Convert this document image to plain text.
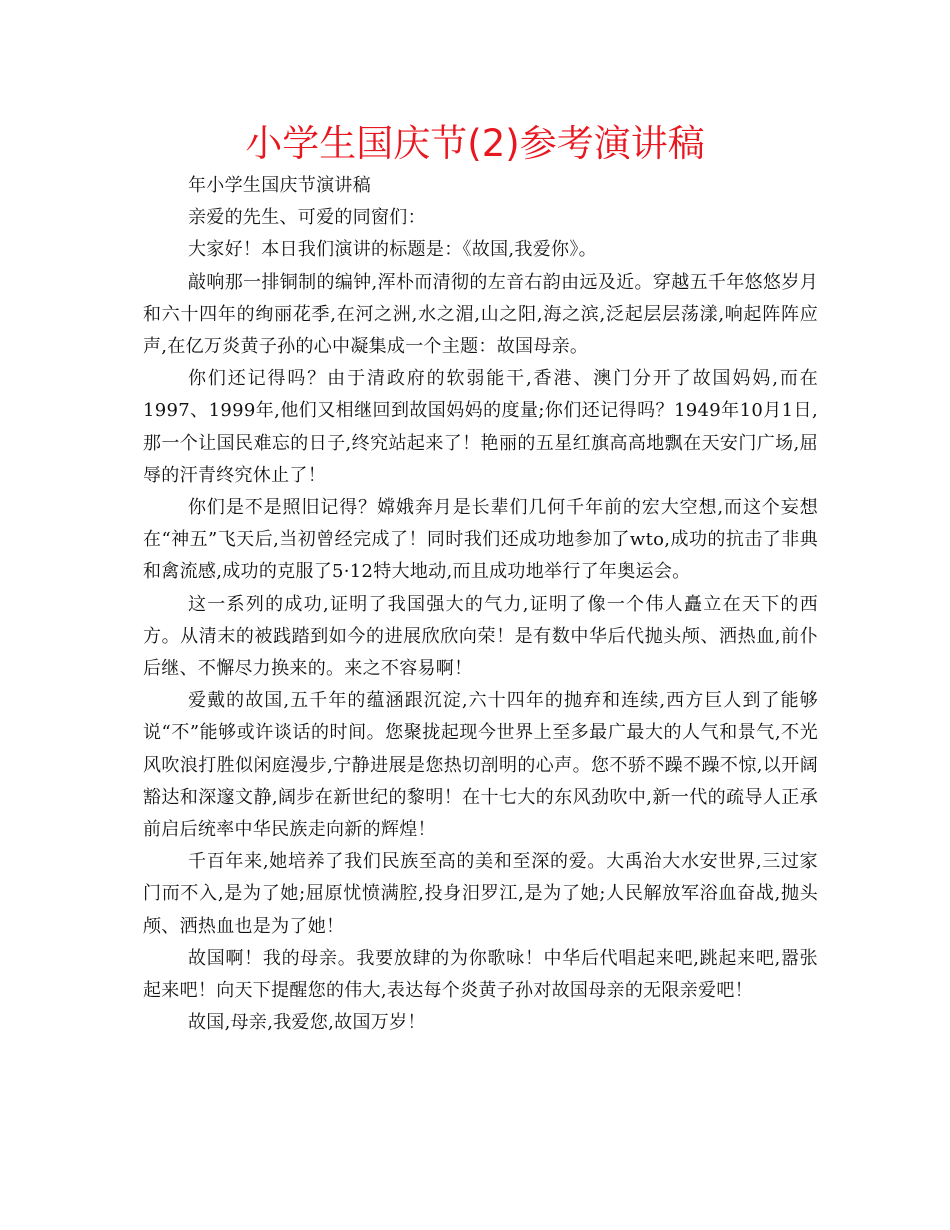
小学生国庆节(2)参考演讲稿

年小学生国庆节演讲稿

亲爱的先生、可爱的同窗们：

大家好！本日我们演讲的标题是：《故国,我爱你》。

敲响那一排铜制的编钟,浑朴而清彻的左音右韵由远及近。穿越五千年悠悠岁月和六十四年的绚丽花季,在河之洲,水之湄,山之阳,海之滨,泛起层层荡漾,响起阵阵应声,在亿万炎黄子孙的心中凝集成一个主题：故国母亲。

你们还记得吗？由于清政府的软弱能干,香港、澳门分开了故国妈妈,而在1997、1999年,他们又相继回到故国妈妈的度量;你们还记得吗？1949年10月1日,那一个让国民难忘的日子,终究站起来了！艳丽的五星红旗高高地飘在天安门广场,屈辱的汗青终究休止了！

你们是不是照旧记得？嫦娥奔月是长辈们几何千年前的宏大空想,而这个妄想在“神五”飞天后,当初曾经完成了！同时我们还成功地参加了wto,成功的抗击了非典和禽流感,成功的克服了5·12特大地动,而且成功地举行了年奥运会。

这一系列的成功,证明了我国强大的气力,证明了像一个伟人矗立在天下的西方。从清末的被践踏到如今的进展欣欣向荣！是有数中华后代抛头颅、洒热血,前仆后继、不懈尽力换来的。来之不容易啊！

爱戴的故国,五千年的蕴涵跟沉淀,六十四年的抛弃和连续,西方巨人到了能够说“不”能够或许谈话的时间。您聚拢起现今世界上至多最广最大的人气和景气,不光风吹浪打胜似闲庭漫步,宁静进展是您热切剖明的心声。您不骄不躁不躁不惊,以开阔豁达和深邃文静,阔步在新世纪的黎明！在十七大的东风劲吹中,新一代的疏导人正承前启后统率中华民族走向新的辉煌！

千百年来,她培养了我们民族至高的美和至深的爱。大禹治大水安世界,三过家门而不入,是为了她;屈原忧愤满腔,投身汨罗江,是为了她;人民解放军浴血奋战,抛头颅、洒热血也是为了她！

故国啊！我的母亲。我要放肆的为你歌咏！中华后代唱起来吧,跳起来吧,嚣张起来吧！向天下提醒您的伟大,表达每个炎黄子孙对故国母亲的无限亲爱吧！

故国,母亲,我爱您,故国万岁！
